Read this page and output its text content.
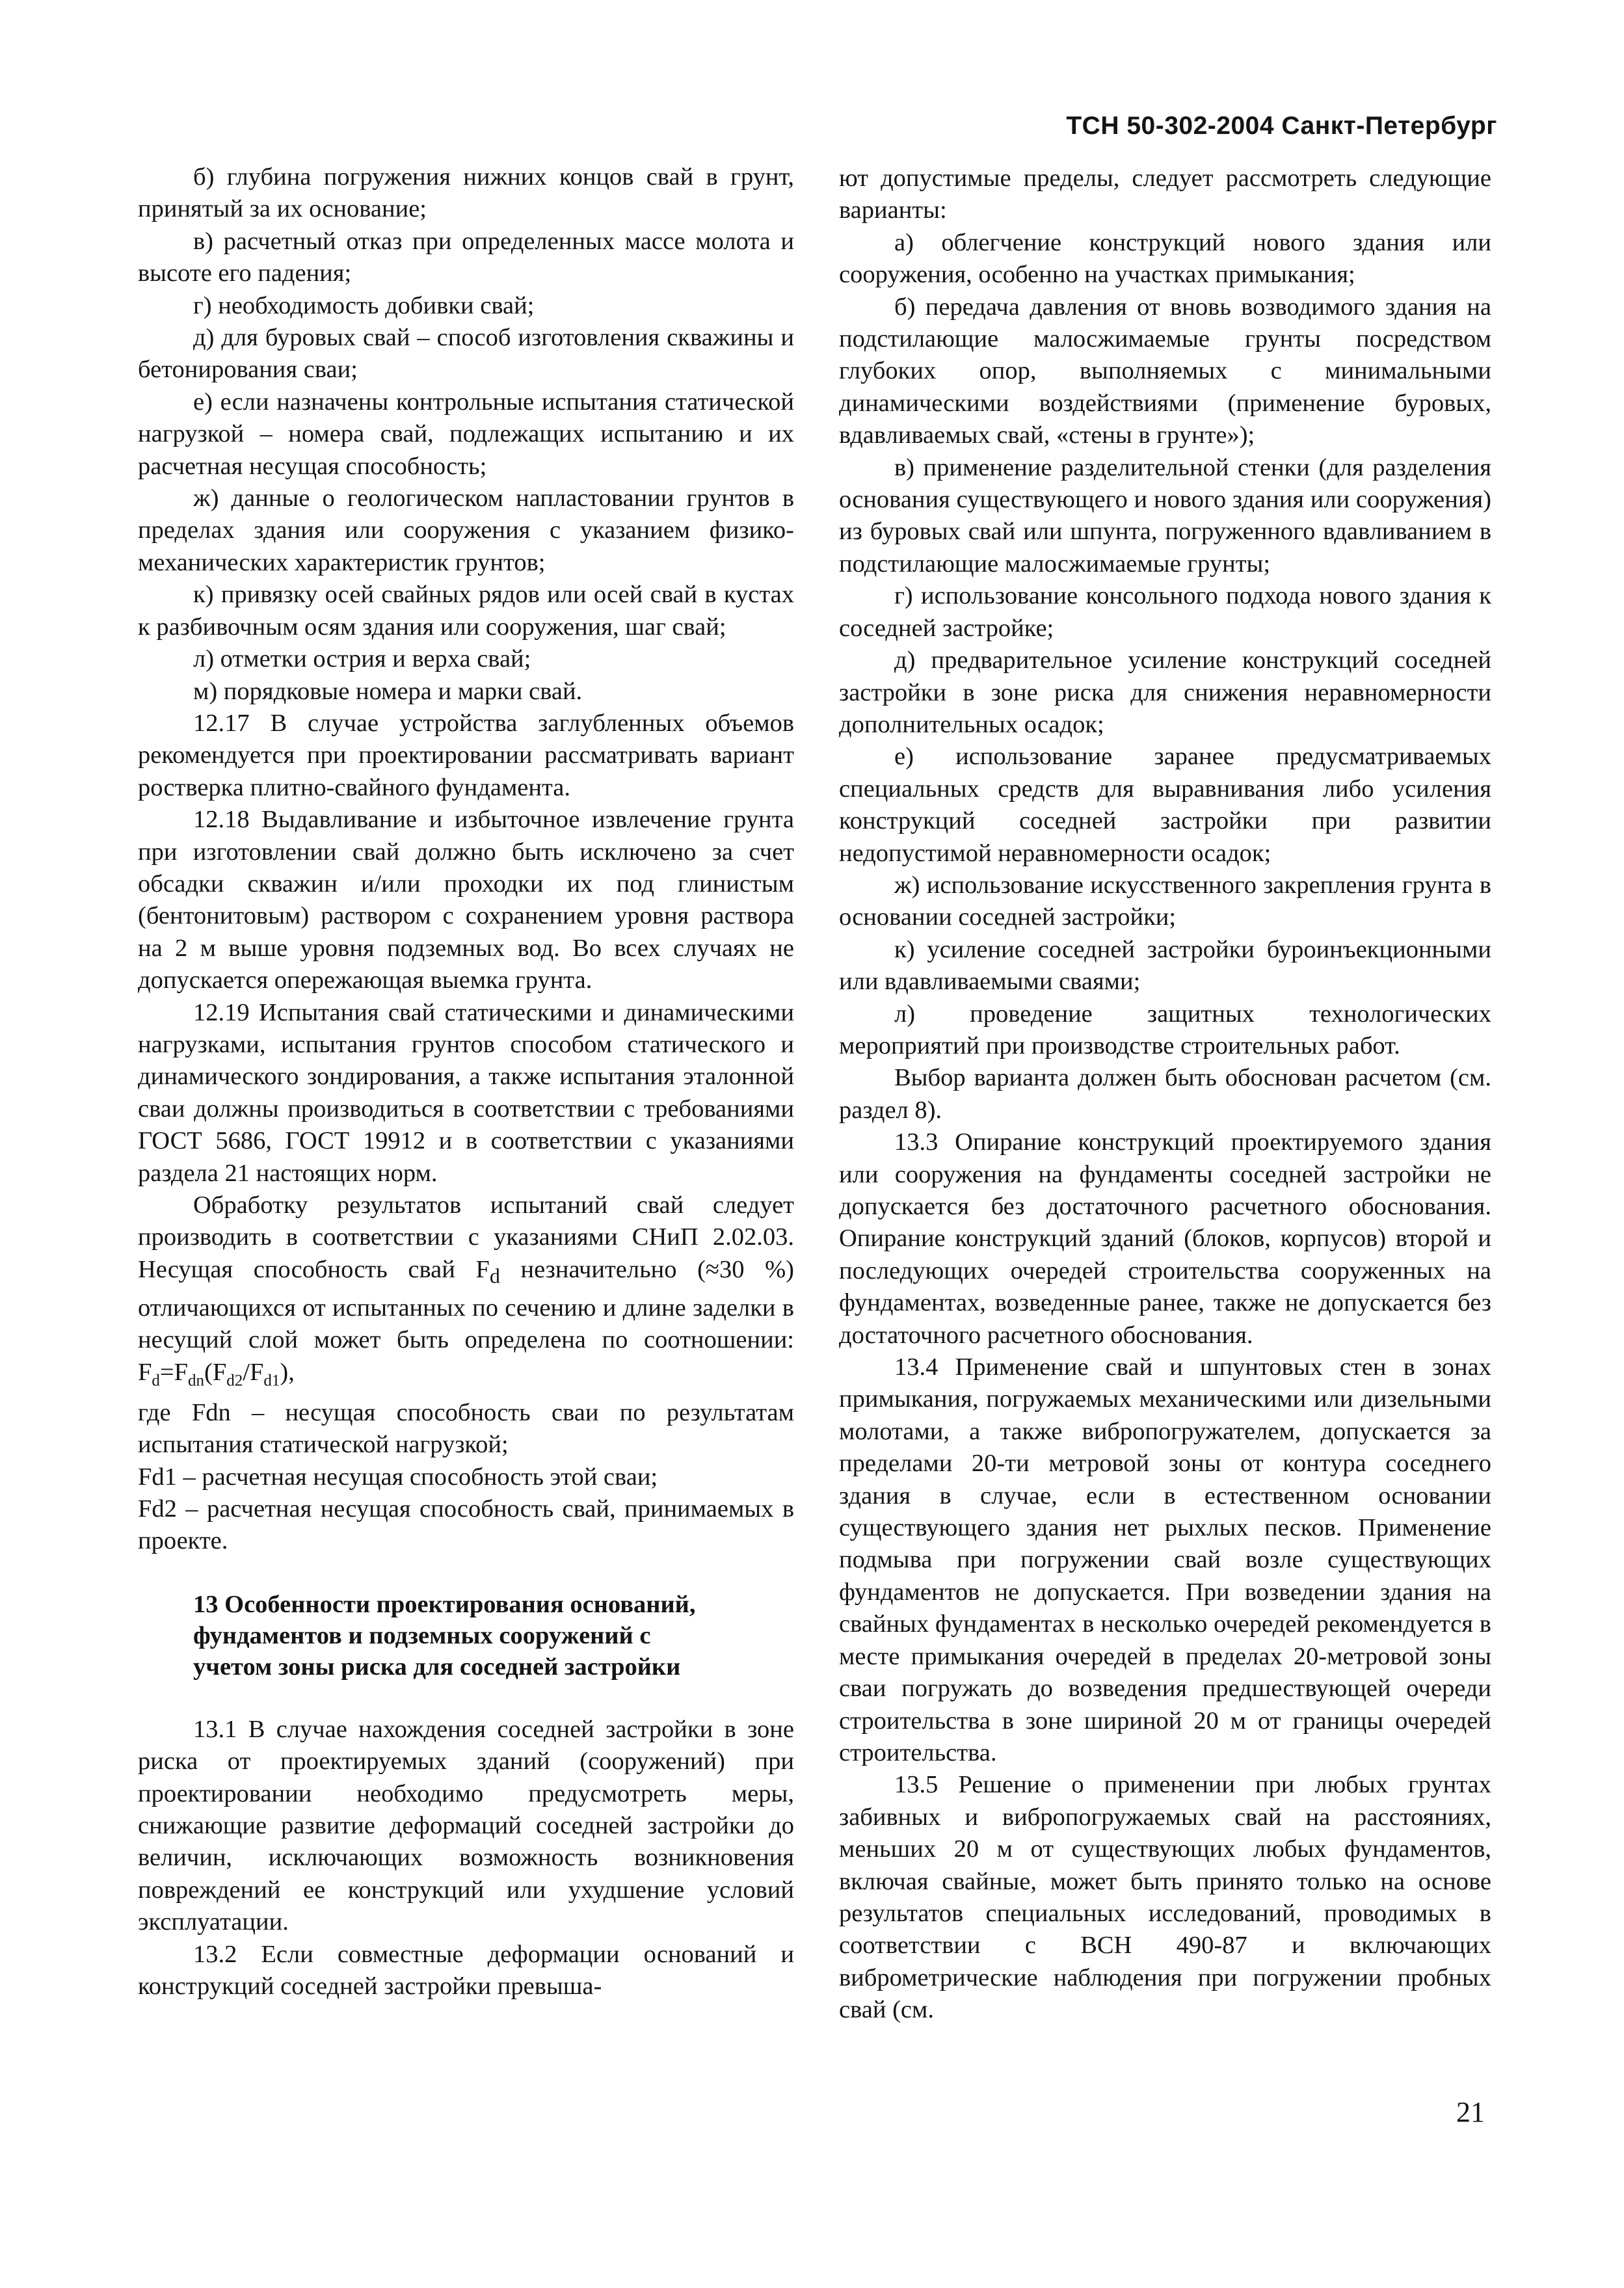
ТСН 50-302-2004 Санкт-Петербург

б) глубина погружения нижних концов свай в грунт, принятый за их основание;

в) расчетный отказ при определенных массе молота и высоте его падения;

г) необходимость добивки свай;

д) для буровых свай – способ изготовления скважины и бетонирования сваи;

е) если назначены контрольные испытания статической нагрузкой – номера свай, подлежащих испытанию и их расчетная несущая способность;

ж) данные о геологическом напластовании грунтов в пределах здания или сооружения с указанием физико-механических характеристик грунтов;

к) привязку осей свайных рядов или осей свай в кустах к разбивочным осям здания или сооружения, шаг свай;

л) отметки острия и верха свай;

м) порядковые номера и марки свай.

12.17 В случае устройства заглубленных объемов рекомендуется при проектировании рассматривать вариант ростверка плитно-свайного фундамента.

12.18 Выдавливание и избыточное извлечение грунта при изготовлении свай должно быть исключено за счет обсадки скважин и/или проходки их под глинистым (бентонитовым) раствором с сохранением уровня раствора на 2 м выше уровня подземных вод. Во всех случаях не допускается опережающая выемка грунта.

12.19 Испытания свай статическими и динамическими нагрузками, испытания грунтов способом статического и динамического зондирования, а также испытания эталонной сваи должны производиться в соответствии с требованиями ГОСТ 5686, ГОСТ 19912 и в соответствии с указаниями раздела 21 настоящих норм.

Обработку результатов испытаний свай следует производить в соответствии с указаниями СНиП 2.02.03. Несущая способность свай $F_d$ незначительно (≈30 %) отличающихся от испытанных по сечению и длине заделки в несущий слой может быть определена по соотношении: $F_d=F_{dn}(F_{d2}/F_{d1})$,

где Fdn – несущая способность сваи по результатам испытания статической нагрузкой;

Fd1 – расчетная несущая способность этой сваи;

Fd2 – расчетная несущая способность свай, принимаемых в проекте.

13 Особенности проектирования оснований, фундаментов и подземных сооружений с учетом зоны риска для соседней застройки

13.1 В случае нахождения соседней застройки в зоне риска от проектируемых зданий (сооружений) при проектировании необходимо предусмотреть меры, снижающие развитие деформаций соседней застройки до величин, исключающих возможность возникновения повреждений ее конструкций или ухудшение условий эксплуатации.

13.2 Если совместные деформации оснований и конструкций соседней застройки превыша-

ют допустимые пределы, следует рассмотреть следующие варианты:

а) облегчение конструкций нового здания или сооружения, особенно на участках примыкания;

б) передача давления от вновь возводимого здания на подстилающие малосжимаемые грунты посредством глубоких опор, выполняемых с минимальными динамическими воздействиями (применение буровых, вдавливаемых свай, «стены в грунте»);

в) применение разделительной стенки (для разделения основания существующего и нового здания или сооружения) из буровых свай или шпунта, погруженного вдавливанием в подстилающие малосжимаемые грунты;

г) использование консольного подхода нового здания к соседней застройке;

д) предварительное усиление конструкций соседней застройки в зоне риска для снижения неравномерности дополнительных осадок;

е) использование заранее предусматриваемых специальных средств для выравнивания либо усиления конструкций соседней застройки при развитии недопустимой неравномерности осадок;

ж) использование искусственного закрепления грунта в основании соседней застройки;

к) усиление соседней застройки буроинъекционными или вдавливаемыми сваями;

л) проведение защитных технологических мероприятий при производстве строительных работ.

Выбор варианта должен быть обоснован расчетом (см. раздел 8).

13.3 Опирание конструкций проектируемого здания или сооружения на фундаменты соседней застройки не допускается без достаточного расчетного обоснования. Опирание конструкций зданий (блоков, корпусов) второй и последующих очередей строительства сооруженных на фундаментах, возведенные ранее, также не допускается без достаточного расчетного обоснования.

13.4 Применение свай и шпунтовых стен в зонах примыкания, погружаемых механическими или дизельными молотами, а также вибропогружателем, допускается за пределами 20-ти метровой зоны от контура соседнего здания в случае, если в естественном основании существующего здания нет рыхлых песков. Применение подмыва при погружении свай возле существующих фундаментов не допускается. При возведении здания на свайных фундаментах в несколько очередей рекомендуется в месте примыкания очередей в пределах 20-метровой зоны сваи погружать до возведения предшествующей очереди строительства в зоне шириной 20 м от границы очередей строительства.

13.5 Решение о применении при любых грунтах забивных и вибропогружаемых свай на расстояниях, меньших 20 м от существующих любых фундаментов, включая свайные, может быть принято только на основе результатов специальных исследований, проводимых в соответствии с ВСН 490-87 и включающих виброметрические наблюдения при погружении пробных свай (см.

21
